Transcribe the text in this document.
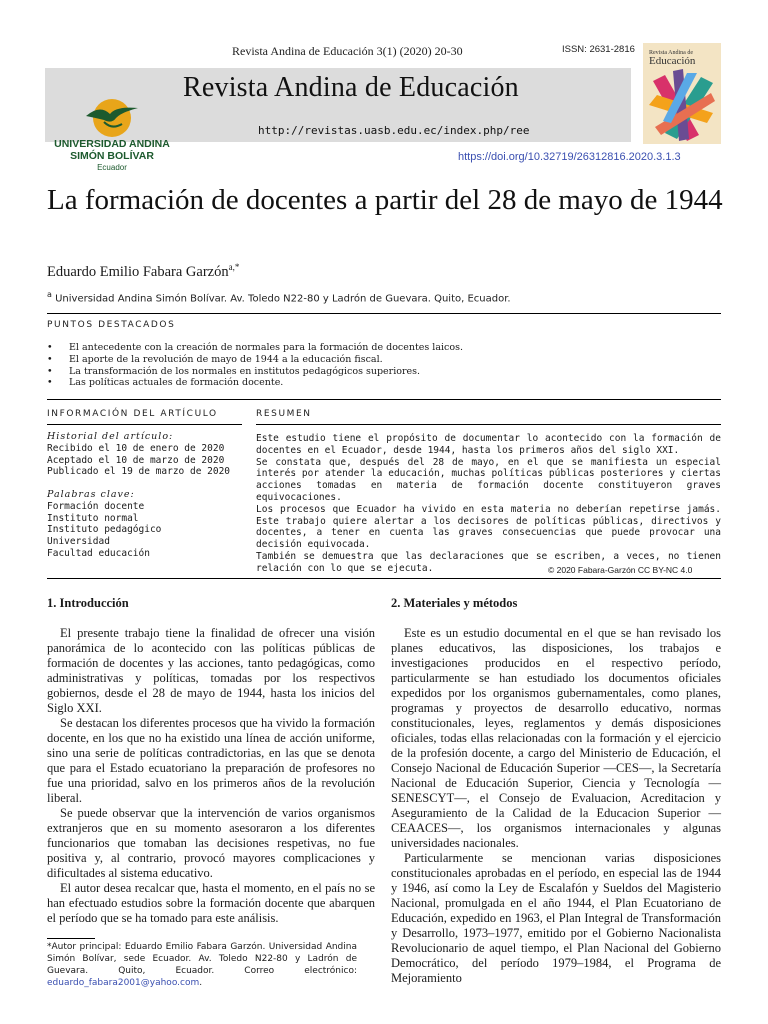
Revista Andina de Educación 3(1) (2020) 20-30	ISSN: 2631-2816
Revista Andina de Educación
http://revistas.uasb.edu.ec/index.php/ree
UNIVERSIDAD ANDINA
SIMÓN BOLÍVAR
Ecuador
Revista Andina de
Educación
https://doi.org/10.32719/26312816.2020.3.1.3
La formación de docentes a partir del 28 de mayo de 1944
Eduardo Emilio Fabara Garzón$^{a,*}$
$^a$ Universidad Andina Simón Bolívar. Av. Toledo N22-80 y Ladrón de Guevara. Quito, Ecuador.
PUNTOS DESTACADOS
• El antecedente con la creación de normales para la formación de docentes laicos.
• El aporte de la revolución de mayo de 1944 a la educación fiscal.
• La transformación de los normales en institutos pedagógicos superiores.
• Las políticas actuales de formación docente.
INFORMACIÓN DEL ARTÍCULO	RESUMEN
Historial del artículo:
Recibido el 10 de enero de 2020
Aceptado el 10 de marzo de 2020
Publicado el 19 de marzo de 2020
Palabras clave:
Formación docente
Instituto normal
Instituto pedagógico
Universidad
Facultad educación

Este estudio tiene el propósito de documentar lo acontecido con la formación de docentes en el Ecuador, desde 1944, hasta los primeros años del siglo XXI.

Se constata que, después del 28 de mayo, en el que se manifiesta un especial interés por atender la educación, muchas políticas públicas posteriores y ciertas acciones tomadas en materia de formación docente constituyeron graves equivocaciones.

Los procesos que Ecuador ha vivido en esta materia no deberían repetirse jamás. Este trabajo quiere alertar a los decisores de políticas públicas, directivos y docentes, a tener en cuenta las graves consecuencias que puede provocar una decisión equivocada.

También se demuestra que las declaraciones que se escriben, a veces, no tienen relación con lo que se ejecuta.	© 2020 Fabara-Garzón CC BY-NC 4.0
1. Introducción

El presente trabajo tiene la finalidad de ofrecer una visión panorámica de lo acontecido con las políticas públicas de formación de docentes y las acciones, tanto pedagógicas, como administrativas y políticas, tomadas por los respectivos gobiernos, desde el 28 de mayo de 1944, hasta los inicios del Siglo XXI.

Se destacan los diferentes procesos que ha vivido la formación docente, en los que no ha existido una línea de acción uniforme, sino una serie de políticas contradictorias, en las que se denota que para el Estado ecuatoriano la preparación de profesores no fue una prioridad, salvo en los primeros años de la revolución liberal.

Se puede observar que la intervención de varios organismos extranjeros que en su momento asesoraron a los diferentes funcionarios que tomaban las decisiones respetivas, no fue positiva y, al contrario, provocó mayores complicaciones y dificultades al sistema educativo.

El autor desea recalcar que, hasta el momento, en el país no se han efectuado estudios sobre la formación docente que abarquen el período que se ha tomado para este análisis.

*Autor principal: Eduardo Emilio Fabara Garzón. Universidad Andina Simón Bolívar, sede Ecuador. Av. Toledo N22-80 y Ladrón de Guevara. Quito, Ecuador. Correo electrónico: eduardo_fabara2001@yahoo.com.
2. Materiales y métodos

Este es un estudio documental en el que se han revisado los planes educativos, las disposiciones, los trabajos e investigaciones producidos en el respectivo período, particularmente se han estudiado los documentos oficiales expedidos por los organismos gubernamentales, como planes, programas y proyectos de desarrollo educativo, normas constitucionales, leyes, reglamentos y demás disposiciones oficiales, todas ellas relacionadas con la formación y el ejercicio de la profesión docente, a cargo del Ministerio de Educación, el Consejo Nacional de Educación Superior —CES—, la Secretaría Nacional de Educación Superior, Ciencia y Tecnología —SENESCYT—, el Consejo de Evaluacion, Acreditacion y Aseguramiento de la Calidad de la Educacion Superior —CEAACES—, los organismos internacionales y algunas universidades nacionales.

Particularmente se mencionan varias disposiciones constitucionales aprobadas en el período, en especial las de 1944 y 1946, así como la Ley de Escalafón y Sueldos del Magisterio Nacional, promulgada en el año 1944, el Plan Ecuatoriano de Educación, expedido en 1963, el Plan Integral de Transformación y Desarrollo, 1973–1977, emitido por el Gobierno Nacionalista Revolucionario de aquel tiempo, el Plan Nacional del Gobierno Democrático, del período 1979–1984, el Programa de Mejoramiento
